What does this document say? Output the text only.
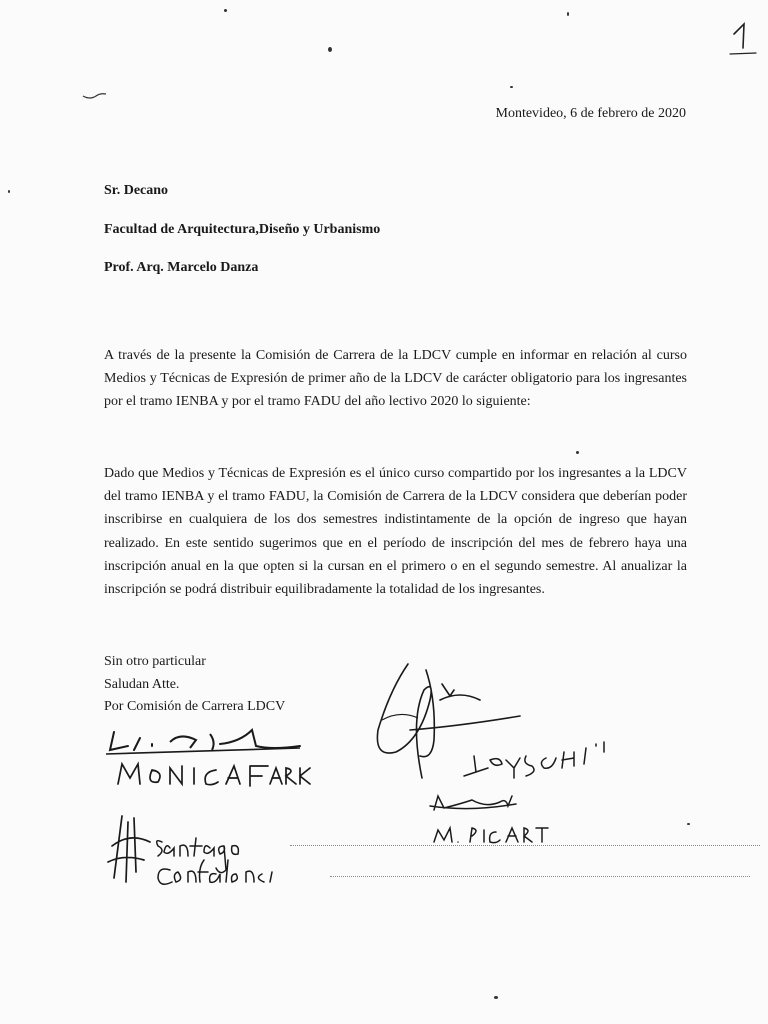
Montevideo, 6 de febrero de 2020
Sr. Decano
Facultad de Arquitectura,Diseño y Urbanismo
Prof. Arq. Marcelo Danza

A través de la presente la Comisión de Carrera de la LDCV cumple en informar en relación al curso Medios y Técnicas de Expresión de primer año de la LDCV de carácter obligatorio para los ingresantes por el tramo IENBA y por el tramo FADU del año lectivo 2020 lo siguiente:

Dado que Medios y Técnicas de Expresión es el único curso compartido por los ingresantes a la LDCV del tramo IENBA y el tramo FADU, la Comisión de Carrera de la LDCV considera que deberían poder inscribirse en cualquiera de los dos semestres indistintamente de la opción de ingreso que hayan realizado. En este sentido sugerimos que en el período de inscripción del mes de febrero haya una inscripción anual en la que opten si la cursan en el primero o en el segundo semestre. Al anualizar la inscripción se podrá distribuir equilibradamente la totalidad de los ingresantes.

Sin otro particular
Saludan Atte.
Por Comisión de Carrera LDCV
